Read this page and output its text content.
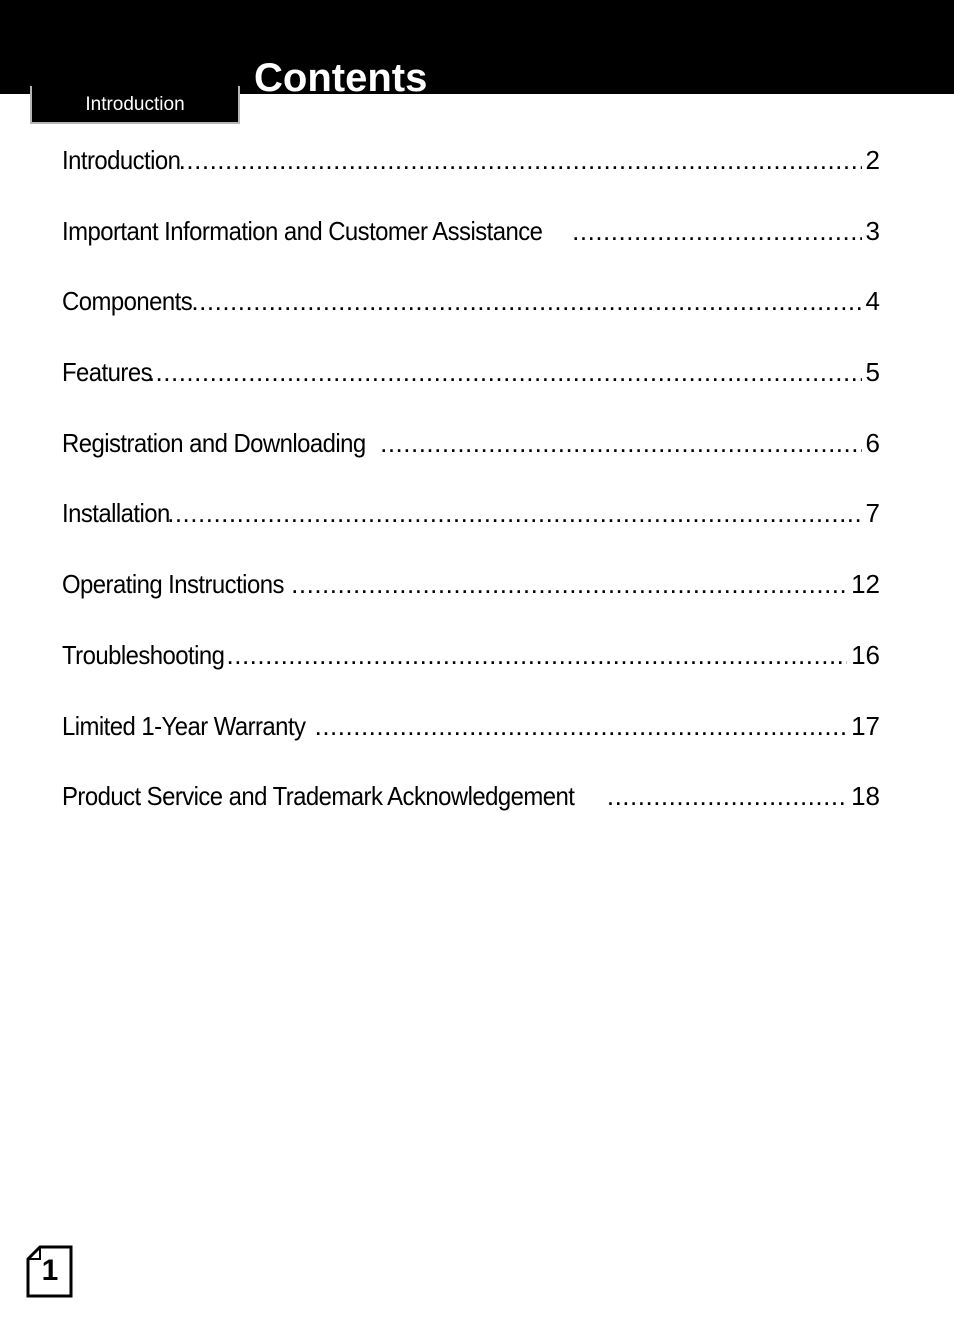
Introduction
Contents
Introduction .....	2
Important Information and Customer Assistance .....	3
Components .....	4
Features .....	5
Registration and Downloading .....	6
Installation .....	7
Operating Instructions .....	12
Troubleshooting .....	16
Limited 1-Year Warranty .....	17
Product Service and Trademark Acknowledgement .....	18
1
